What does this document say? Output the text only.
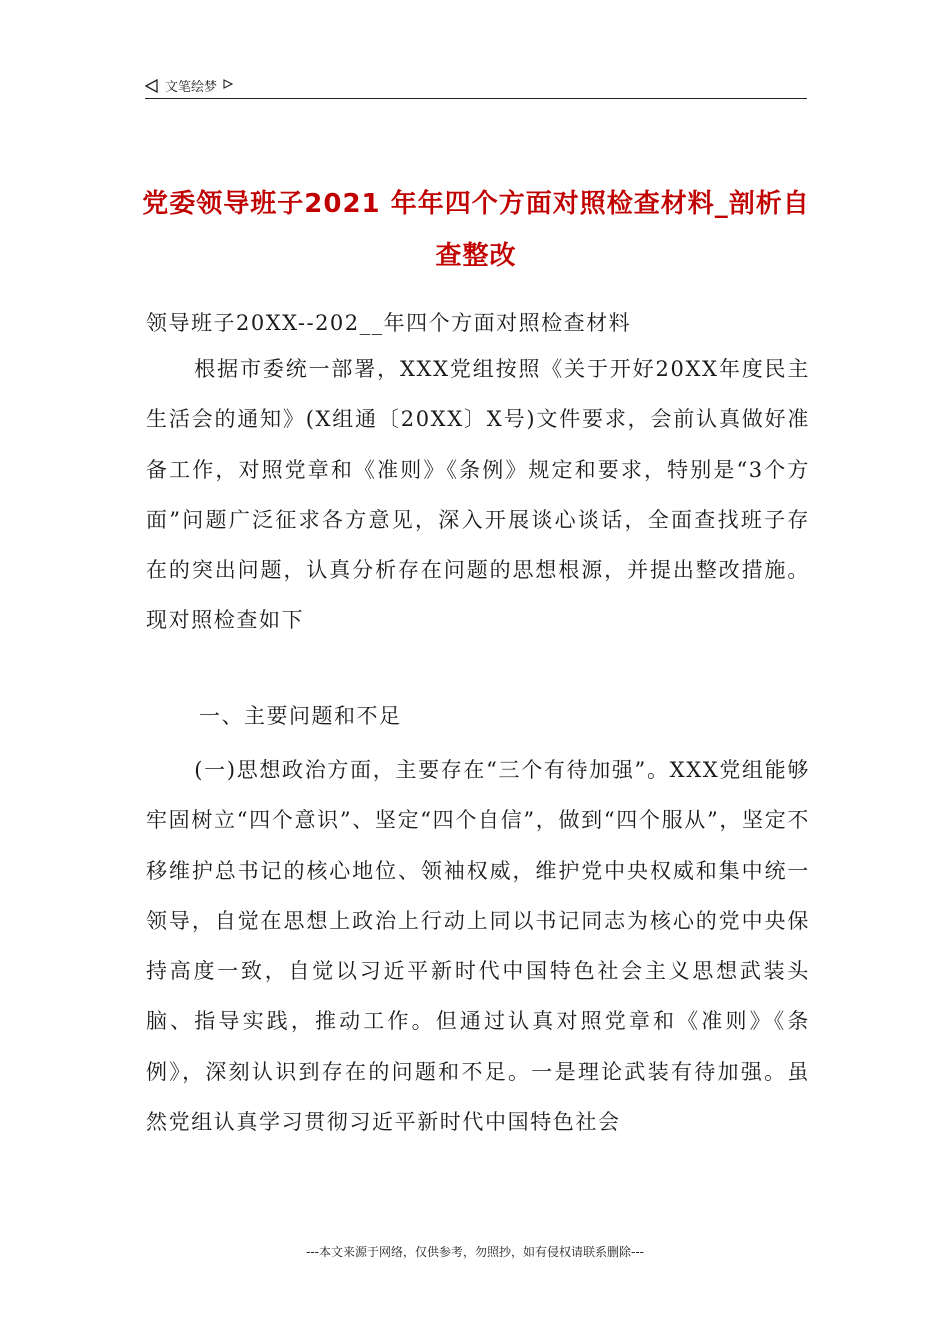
文笔绘梦
党委领导班子2021 年年四个方面对照检查材料_剖析自查整改
领导班子20XX--202__年四个方面对照检查材料
根据市委统一部署，XXX党组按照《关于开好20XX年度民主生活会的通知》(X组通〔20XX〕X号)文件要求，会前认真做好准备工作，对照党章和《准则》《条例》规定和要求，特别是“3个方面”问题广泛征求各方意见，深入开展谈心谈话，全面查找班子存在的突出问题，认真分析存在问题的思想根源，并提出整改措施。现对照检查如下
一、主要问题和不足
(一)思想政治方面，主要存在“三个有待加强”。XXX党组能够牢固树立“四个意识”、坚定“四个自信”，做到“四个服从”，坚定不移维护总书记的核心地位、领袖权威，维护党中央权威和集中统一领导，自觉在思想上政治上行动上同以书记同志为核心的党中央保持高度一致，自觉以习近平新时代中国特色社会主义思想武装头脑、指导实践，推动工作。但通过认真对照党章和《准则》《条例》，深刻认识到存在的问题和不足。一是理论武装有待加强。虽然党组认真学习贯彻习近平新时代中国特色社会
---本文来源于网络，仅供参考，勿照抄，如有侵权请联系删除---
